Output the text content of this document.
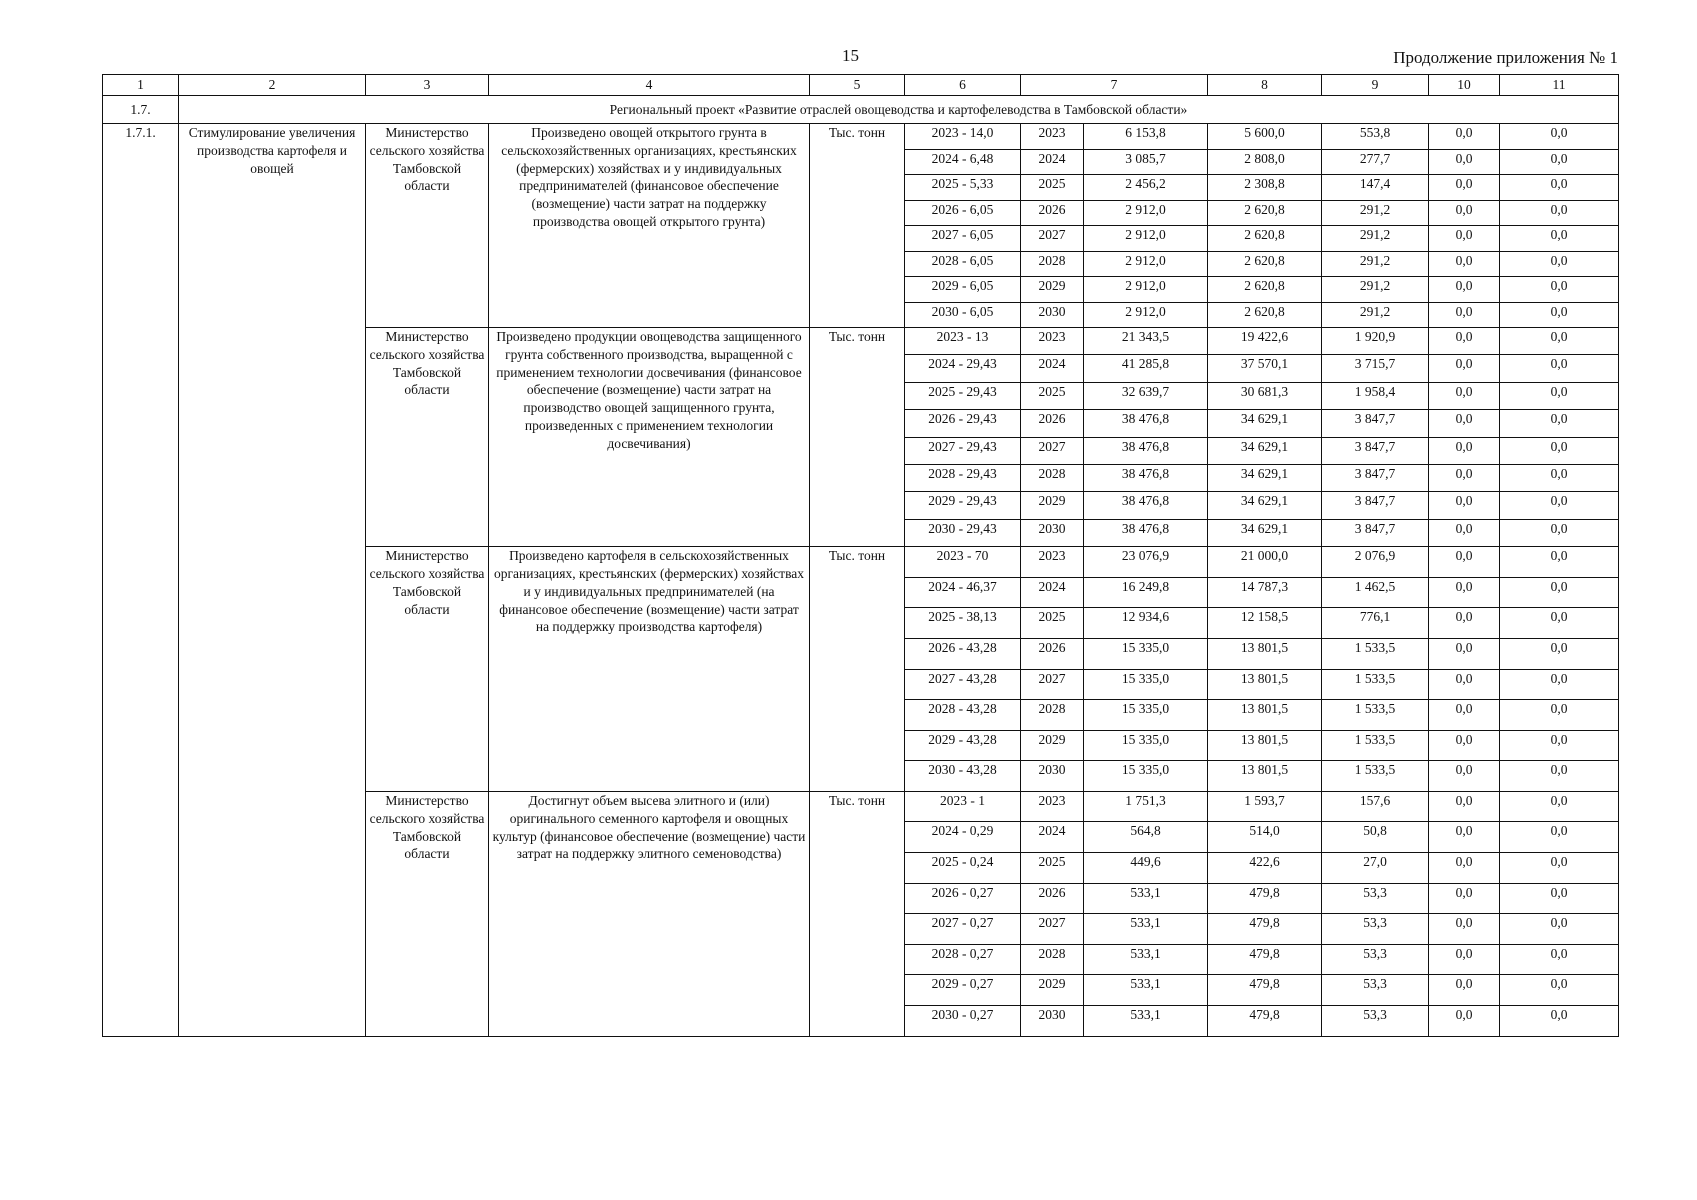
15	Продолжение приложения № 1
1	2	3	4	5	6	7		8	9	10	11
1.7.	Региональный проект «Развитие отраслей овощеводства и картофелеводства в Тамбовской области»										
1.7.1.	Стимулирование увеличения производства картофеля и овощей	Министерство сельского хозяйства Тамбовской области	Произведено овощей открытого грунта в сельскохозяйственных организациях, крестьянских (фермерских) хозяйствах и у индивидуальных предпринимателей (финансовое обеспечение (возмещение) части затрат на поддержку производства овощей открытого грунта)	Тыс. тонн	2023 - 14,0	2023	6 153,8	5 600,0	553,8	0,0	0,0
					2024 - 6,48	2024	3 085,7	2 808,0	277,7	0,0	0,0
					2025 - 5,33	2025	2 456,2	2 308,8	147,4	0,0	0,0
					2026 - 6,05	2026	2 912,0	2 620,8	291,2	0,0	0,0
					2027 - 6,05	2027	2 912,0	2 620,8	291,2	0,0	0,0
					2028 - 6,05	2028	2 912,0	2 620,8	291,2	0,0	0,0
					2029 - 6,05	2029	2 912,0	2 620,8	291,2	0,0	0,0
					2030 - 6,05	2030	2 912,0	2 620,8	291,2	0,0	0,0
		Министерство сельского хозяйства Тамбовской области	Произведено продукции овощеводства защищенного грунта собственного производства, выращенной с применением технологии досвечивания (финансовое обеспечение (возмещение) части затрат на производство овощей защищенного грунта, произведенных с применением технологии досвечивания)	Тыс. тонн	2023 - 13	2023	21 343,5	19 422,6	1 920,9	0,0	0,0
					2024 - 29,43	2024	41 285,8	37 570,1	3 715,7	0,0	0,0
					2025 - 29,43	2025	32 639,7	30 681,3	1 958,4	0,0	0,0
					2026 - 29,43	2026	38 476,8	34 629,1	3 847,7	0,0	0,0
					2027 - 29,43	2027	38 476,8	34 629,1	3 847,7	0,0	0,0
					2028 - 29,43	2028	38 476,8	34 629,1	3 847,7	0,0	0,0
					2029 - 29,43	2029	38 476,8	34 629,1	3 847,7	0,0	0,0
					2030 - 29,43	2030	38 476,8	34 629,1	3 847,7	0,0	0,0
		Министерство сельского хозяйства Тамбовской области	Произведено картофеля в сельскохозяйственных организациях, крестьянских (фермерских) хозяйствах и у индивидуальных предпринимателей (на финансовое обеспечение (возмещение) части затрат на поддержку производства картофеля)	Тыс. тонн	2023 - 70	2023	23 076,9	21 000,0	2 076,9	0,0	0,0
					2024 - 46,37	2024	16 249,8	14 787,3	1 462,5	0,0	0,0
					2025 - 38,13	2025	12 934,6	12 158,5	776,1	0,0	0,0
					2026 - 43,28	2026	15 335,0	13 801,5	1 533,5	0,0	0,0
					2027 - 43,28	2027	15 335,0	13 801,5	1 533,5	0,0	0,0
					2028 - 43,28	2028	15 335,0	13 801,5	1 533,5	0,0	0,0
					2029 - 43,28	2029	15 335,0	13 801,5	1 533,5	0,0	0,0
					2030 - 43,28	2030	15 335,0	13 801,5	1 533,5	0,0	0,0
		Министерство сельского хозяйства Тамбовской области	Достигнут объем высева элитного и (или) оригинального семенного картофеля и овощных культур (финансовое обеспечение (возмещение) части затрат на поддержку элитного семеноводства)	Тыс. тонн	2023 - 1	2023	1 751,3	1 593,7	157,6	0,0	0,0
					2024 - 0,29	2024	564,8	514,0	50,8	0,0	0,0
					2025 - 0,24	2025	449,6	422,6	27,0	0,0	0,0
					2026 - 0,27	2026	533,1	479,8	53,3	0,0	0,0
					2027 - 0,27	2027	533,1	479,8	53,3	0,0	0,0
					2028 - 0,27	2028	533,1	479,8	53,3	0,0	0,0
					2029 - 0,27	2029	533,1	479,8	53,3	0,0	0,0
					2030 - 0,27	2030	533,1	479,8	53,3	0,0	0,0
